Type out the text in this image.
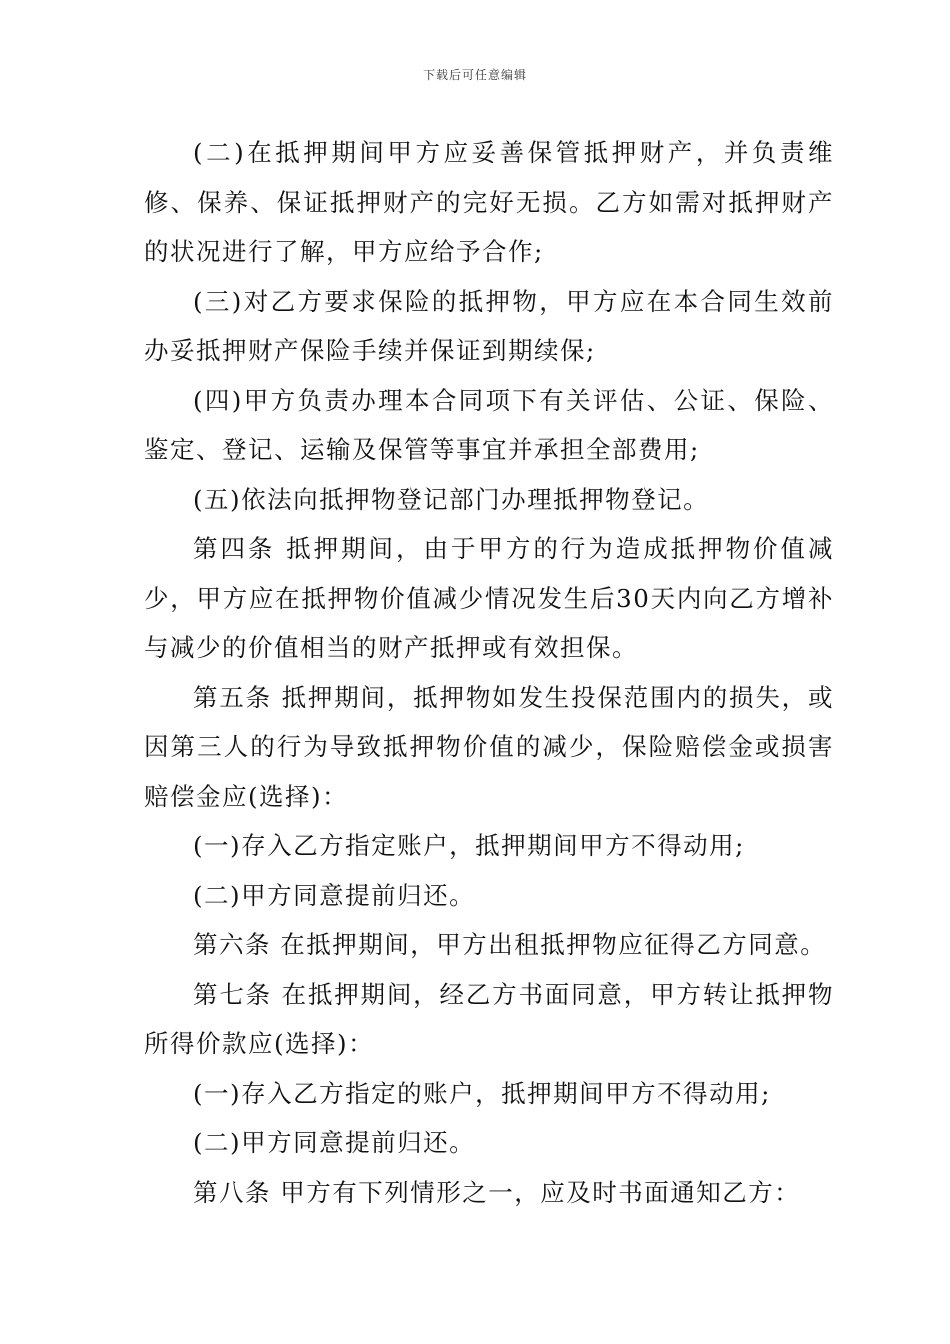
下载后可任意编辑

(二)在抵押期间甲方应妥善保管抵押财产，并负责维修、保养、保证抵押财产的完好无损。乙方如需对抵押财产的状况进行了解，甲方应给予合作;

(三)对乙方要求保险的抵押物，甲方应在本合同生效前办妥抵押财产保险手续并保证到期续保;

(四)甲方负责办理本合同项下有关评估、公证、保险、鉴定、登记、运输及保管等事宜并承担全部费用;

(五)依法向抵押物登记部门办理抵押物登记。

第四条 抵押期间，由于甲方的行为造成抵押物价值减少，甲方应在抵押物价值减少情况发生后30天内向乙方增补与减少的价值相当的财产抵押或有效担保。

第五条 抵押期间，抵押物如发生投保范围内的损失，或因第三人的行为导致抵押物价值的减少，保险赔偿金或损害赔偿金应(选择)：

(一)存入乙方指定账户，抵押期间甲方不得动用;

(二)甲方同意提前归还。

第六条 在抵押期间，甲方出租抵押物应征得乙方同意。

第七条 在抵押期间，经乙方书面同意，甲方转让抵押物所得价款应(选择)：

(一)存入乙方指定的账户，抵押期间甲方不得动用;

(二)甲方同意提前归还。

第八条 甲方有下列情形之一，应及时书面通知乙方：
